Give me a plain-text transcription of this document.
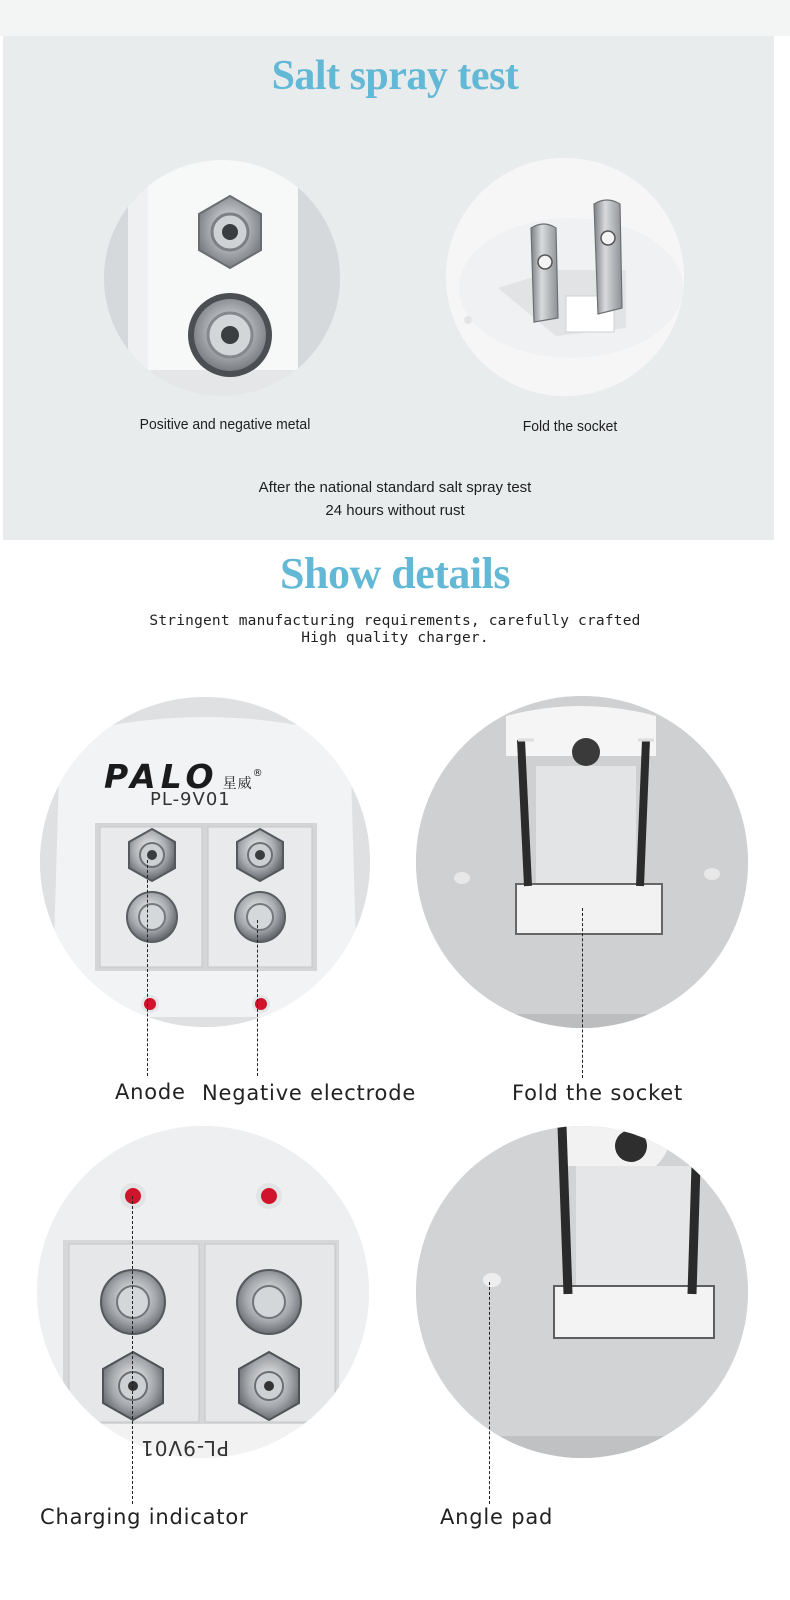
Salt spray test
Positive and negative metal	Fold the socket
After the national standard salt spray test
24 hours without rust
Show details
Stringent manufacturing requirements, carefully crafted
High quality charger.
PALO 星威®
PL-9V01
Anode Negative electrode	Fold the socket
PL-9V01
Charging indicator	Angle pad
